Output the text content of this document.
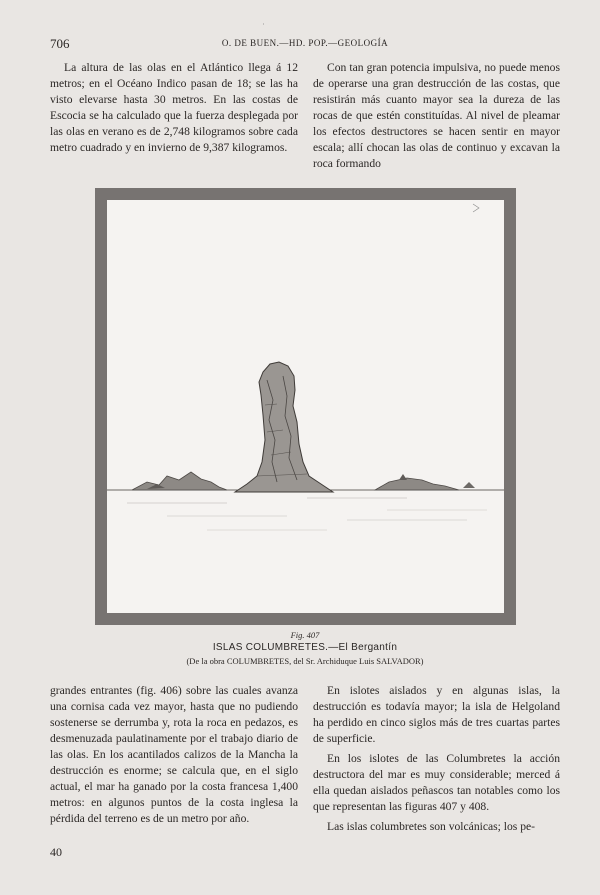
ʿ
706	O. DE BUEN.—HD. POP.—GEOLOGÍA

La altura de las olas en el Atlántico llega á 12 metros; en el Océano Indico pasan de 18; se las ha visto elevarse hasta 30 metros. En las costas de Escocia se ha calculado que la fuerza desplegada por las olas en verano es de 2,748 kilogramos sobre cada metro cuadrado y en invierno de 9,387 kilogramos.

Con tan gran potencia impulsiva, no puede menos de operarse una gran destrucción de las costas, que resistirán más cuanto mayor sea la dureza de las rocas de que estén constituídas. Al nivel de pleamar los efectos destructores se hacen sentir en mayor escala; allí chocan las olas de continuo y excavan la roca formando

Fig. 407
ISLAS COLUMBRETES.—El Bergantín
(De la obra COLUMBRETES, del Sr. Archiduque Luis SALVADOR)

grandes entrantes (fig. 406) sobre las cuales avanza una cornisa cada vez mayor, hasta que no pudiendo sostenerse se derrumba y, rota la roca en pedazos, es desmenuzada paulatinamente por el trabajo diario de las olas. En los acantilados calizos de la Mancha la destrucción es enorme; se calcula que, en el siglo actual, el mar ha ganado por la costa francesa 1,400 metros: en algunos puntos de la costa inglesa la pérdida del terreno es de un metro por año.

En islotes aislados y en algunas islas, la destrucción es todavía mayor; la isla de Helgoland ha perdido en cinco siglos más de tres cuartas partes de superficie.

En los islotes de las Columbretes la acción destructora del mar es muy considerable; merced á ella quedan aislados peñascos tan notables como los que representan las figuras 407 y 408.

Las islas columbretes son volcánicas; los pe-

40
